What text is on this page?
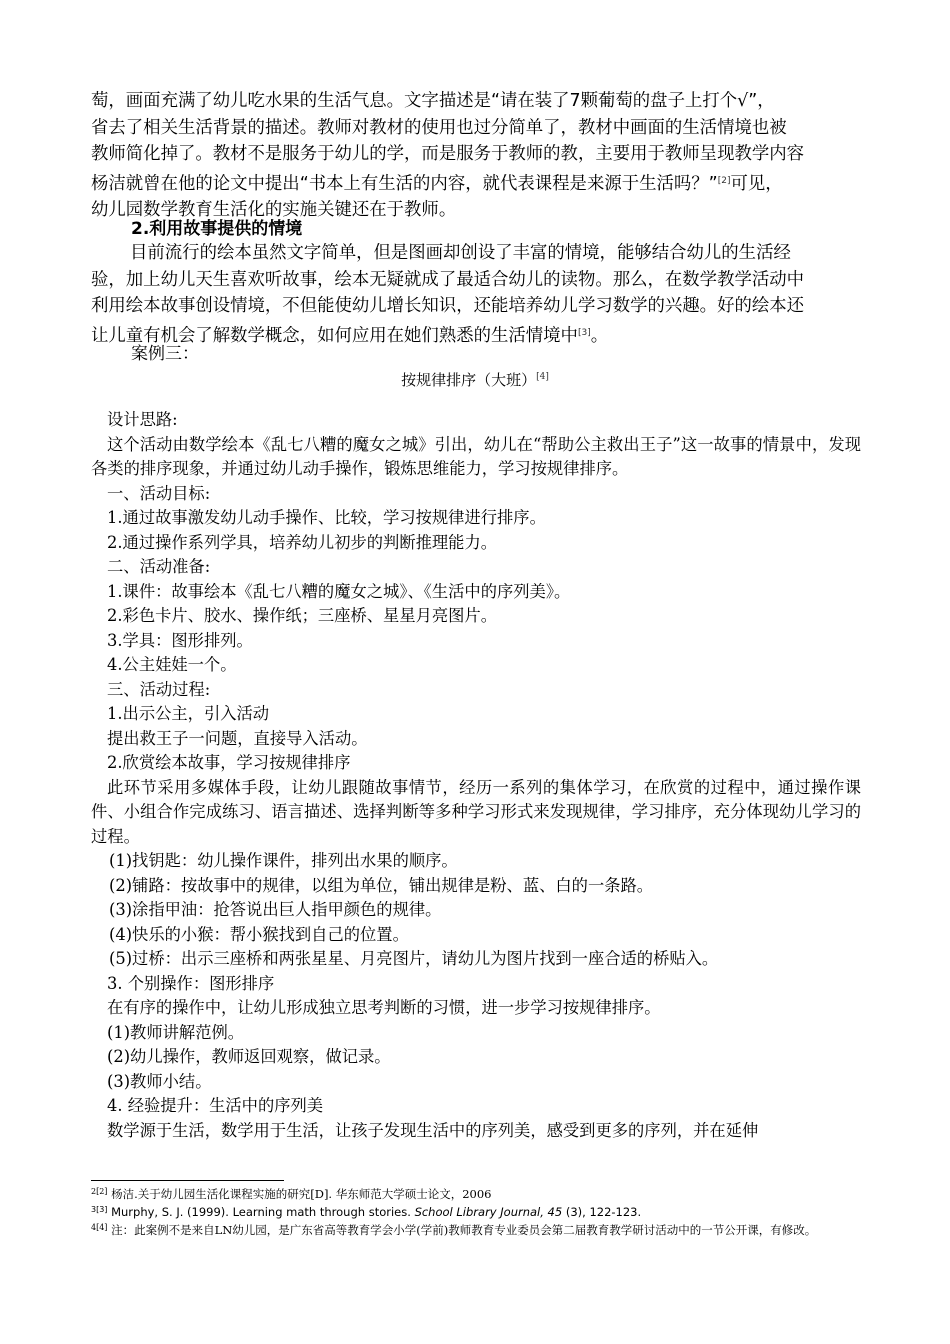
萄，画面充满了幼儿吃水果的生活气息。文字描述是“请在装了7颗葡萄的盘子上打个√”，

省去了相关生活背景的描述。教师对教材的使用也过分简单了，教材中画面的生活情境也被

教师简化掉了。教材不是服务于幼儿的学，而是服务于教师的教，主要用于教师呈现教学内容

杨洁就曾在他的论文中提出“书本上有生活的内容，就代表课程是来源于生活吗？”[2]可见，

幼儿园数学教育生活化的实施关键还在于教师。

2.利用故事提供的情境

目前流行的绘本虽然文字简单，但是图画却创设了丰富的情境，能够结合幼儿的生活经

验，加上幼儿天生喜欢听故事，绘本无疑就成了最适合幼儿的读物。那么，在数学教学活动中

利用绘本故事创设情境，不但能使幼儿增长知识，还能培养幼儿学习数学的兴趣。好的绘本还

让儿童有机会了解数学概念，如何应用在她们熟悉的生活情境中[3]。

案例三：
按规律排序（大班）[4]

设计思路:

这个活动由数学绘本《乱七八糟的魔女之城》引出，幼儿在“帮助公主救出王子”这一故事的情景中，发现各类的排序现象，并通过幼儿动手操作，锻炼思维能力，学习按规律排序。

一、活动目标:

1.通过故事激发幼儿动手操作、比较，学习按规律进行排序。

2.通过操作系列学具，培养幼儿初步的判断推理能力。

二、活动准备:

1.课件：故事绘本《乱七八糟的魔女之城》、《生活中的序列美》。

2.彩色卡片、胶水、操作纸；三座桥、星星月亮图片。

3.学具：图形排列。

4.公主娃娃一个。

三、活动过程:

1.出示公主，引入活动

提出救王子一问题，直接导入活动。

2.欣赏绘本故事，学习按规律排序

此环节采用多媒体手段，让幼儿跟随故事情节，经历一系列的集体学习，在欣赏的过程中，通过操作课件、小组合作完成练习、语言描述、选择判断等多种学习形式来发现规律，学习排序，充分体现幼儿学习的过程。

(1)找钥匙：幼儿操作课件，排列出水果的顺序。

(2)铺路：按故事中的规律，以组为单位，铺出规律是粉、蓝、白的一条路。

(3)涂指甲油：抢答说出巨人指甲颜色的规律。

(4)快乐的小猴：帮小猴找到自己的位置。

(5)过桥：出示三座桥和两张星星、月亮图片，请幼儿为图片找到一座合适的桥贴入。

3. 个别操作：图形排序

在有序的操作中，让幼儿形成独立思考判断的习惯，进一步学习按规律排序。

(1)教师讲解范例。

(2)幼儿操作，教师返回观察，做记录。

(3)教师小结。

4. 经验提升：生活中的序列美

数学源于生活，数学用于生活，让孩子发现生活中的序列美，感受到更多的序列，并在延伸

$^{2[2]}$ 杨洁.关于幼儿园生活化课程实施的研究[D]. 华东师范大学硕士论文，2006

$^{3[3]}$ Murphy, S. J. (1999). Learning math through stories. School Library Journal, 45 (3), 122-123.

$^{4[4]}$ 注：此案例不是来自LN幼儿园，是广东省高等教育学会小学(学前)教师教育专业委员会第二届教育教学研讨活动中的一节公开课，有修改。
